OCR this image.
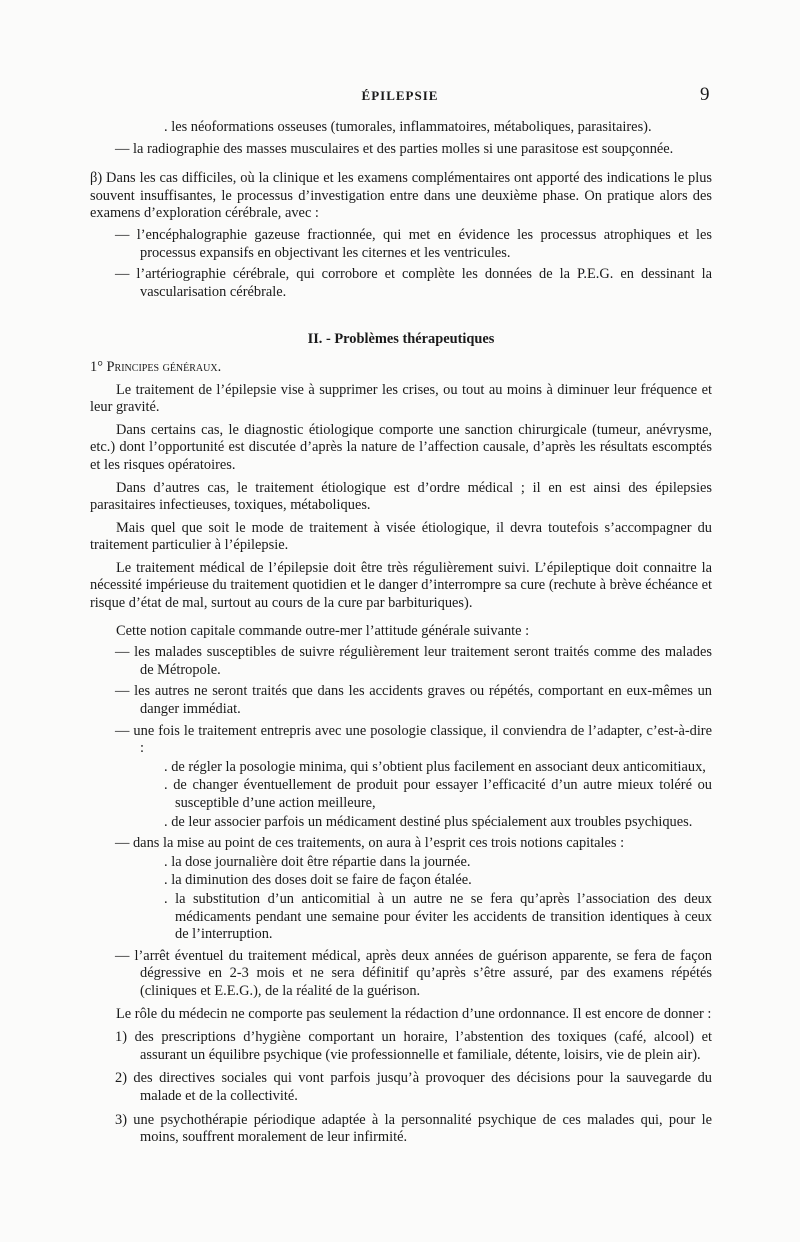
ÉPILEPSIE	9

. les néoformations osseuses (tumorales, inflammatoires, métaboliques, parasitaires).

— la radiographie des masses musculaires et des parties molles si une parasitose est soupçonnée.

β) Dans les cas difficiles, où la clinique et les examens complémentaires ont apporté des indications le plus souvent insuffisantes, le processus d’investigation entre dans une deuxième phase. On pratique alors des examens d’exploration cérébrale, avec :

— l’encéphalographie gazeuse fractionnée, qui met en évidence les processus atrophiques et les processus expansifs en objectivant les citernes et les ventricules.

— l’artériographie cérébrale, qui corrobore et complète les données de la P.E.G. en dessinant la vascularisation cérébrale.

II. - Problèmes thérapeutiques

1° Principes généraux.

Le traitement de l’épilepsie vise à supprimer les crises, ou tout au moins à diminuer leur fréquence et leur gravité.

Dans certains cas, le diagnostic étiologique comporte une sanction chirurgicale (tumeur, anévrysme, etc.) dont l’opportunité est discutée d’après la nature de l’affection causale, d’après les résultats escomptés et les risques opératoires.

Dans d’autres cas, le traitement étiologique est d’ordre médical ; il en est ainsi des épilepsies parasitaires infectieuses, toxiques, métaboliques.

Mais quel que soit le mode de traitement à visée étiologique, il devra toutefois s’accompagner du traitement particulier à l’épilepsie.

Le traitement médical de l’épilepsie doit être très régulièrement suivi. L’épileptique doit connaitre la nécessité impérieuse du traitement quotidien et le danger d’interrompre sa cure (rechute à brève échéance et risque d’état de mal, surtout au cours de la cure par barbituriques).

Cette notion capitale commande outre-mer l’attitude générale suivante :

— les malades susceptibles de suivre régulièrement leur traitement seront traités comme des malades de Métropole.

— les autres ne seront traités que dans les accidents graves ou répétés, comportant en eux-mêmes un danger immédiat.

— une fois le traitement entrepris avec une posologie classique, il conviendra de l’adapter, c’est-à-dire :

. de régler la posologie minima, qui s’obtient plus facilement en associant deux anticomitiaux,

. de changer éventuellement de produit pour essayer l’efficacité d’un autre mieux toléré ou susceptible d’une action meilleure,

. de leur associer parfois un médicament destiné plus spécialement aux troubles psychiques.

— dans la mise au point de ces traitements, on aura à l’esprit ces trois notions capitales :

. la dose journalière doit être répartie dans la journée.

. la diminution des doses doit se faire de façon étalée.

. la substitution d’un anticomitial à un autre ne se fera qu’après l’association des deux médicaments pendant une semaine pour éviter les accidents de transition identiques à ceux de l’interruption.

— l’arrêt éventuel du traitement médical, après deux années de guérison apparente, se fera de façon dégressive en 2-3 mois et ne sera définitif qu’après s’être assuré, par des examens répétés (cliniques et E.E.G.), de la réalité de la guérison.

Le rôle du médecin ne comporte pas seulement la rédaction d’une ordonnance. Il est encore de donner :

1) des prescriptions d’hygiène comportant un horaire, l’abstention des toxiques (café, alcool) et assurant un équilibre psychique (vie professionnelle et familiale, détente, loisirs, vie de plein air).

2) des directives sociales qui vont parfois jusqu’à provoquer des décisions pour la sauvegarde du malade et de la collectivité.

3) une psychothérapie périodique adaptée à la personnalité psychique de ces malades qui, pour le moins, souffrent moralement de leur infirmité.
